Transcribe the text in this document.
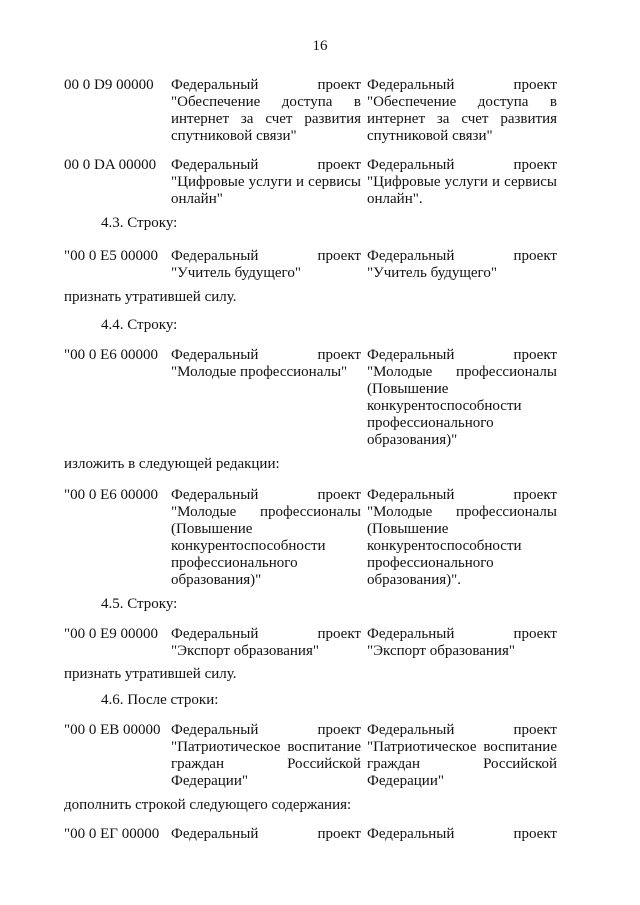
16
00 0 D9 00000 Федеральный проект
"Обеспечение доступа в
интернет за счет развития
спутниковой связи"
Федеральный проект
"Обеспечение доступа в
интернет за счет развития
спутниковой связи"
00 0 DA 00000 Федеральный проект
"Цифровые услуги и сервисы
онлайн"
Федеральный проект
"Цифровые услуги и сервисы
онлайн".
4.3. Строку:
"00 0 E5 00000 Федеральный проект
"Учитель будущего"
Федеральный проект
"Учитель будущего"
признать утратившей силу.
4.4. Строку:
"00 0 E6 00000 Федеральный проект
"Молодые профессионалы"
Федеральный проект
"Молодые профессионалы
(Повышение
конкурентоспособности
профессионального
образования)"
изложить в следующей редакции:
"00 0 E6 00000 Федеральный проект
"Молодые профессионалы
(Повышение
конкурентоспособности
профессионального
образования)"
Федеральный проект
"Молодые профессионалы
(Повышение
конкурентоспособности
профессионального
образования)".
4.5. Строку:
"00 0 E9 00000 Федеральный проект
"Экспорт образования"
Федеральный проект
"Экспорт образования"
признать утратившей силу.
4.6. После строки:
"00 0 EB 00000 Федеральный проект
"Патриотическое воспитание
граждан Российской
Федерации"
Федеральный проект
"Патриотическое воспитание
граждан Российской
Федерации"
дополнить строкой следующего содержания:
"00 0 EГ 00000 Федеральный проект Федеральный проект
